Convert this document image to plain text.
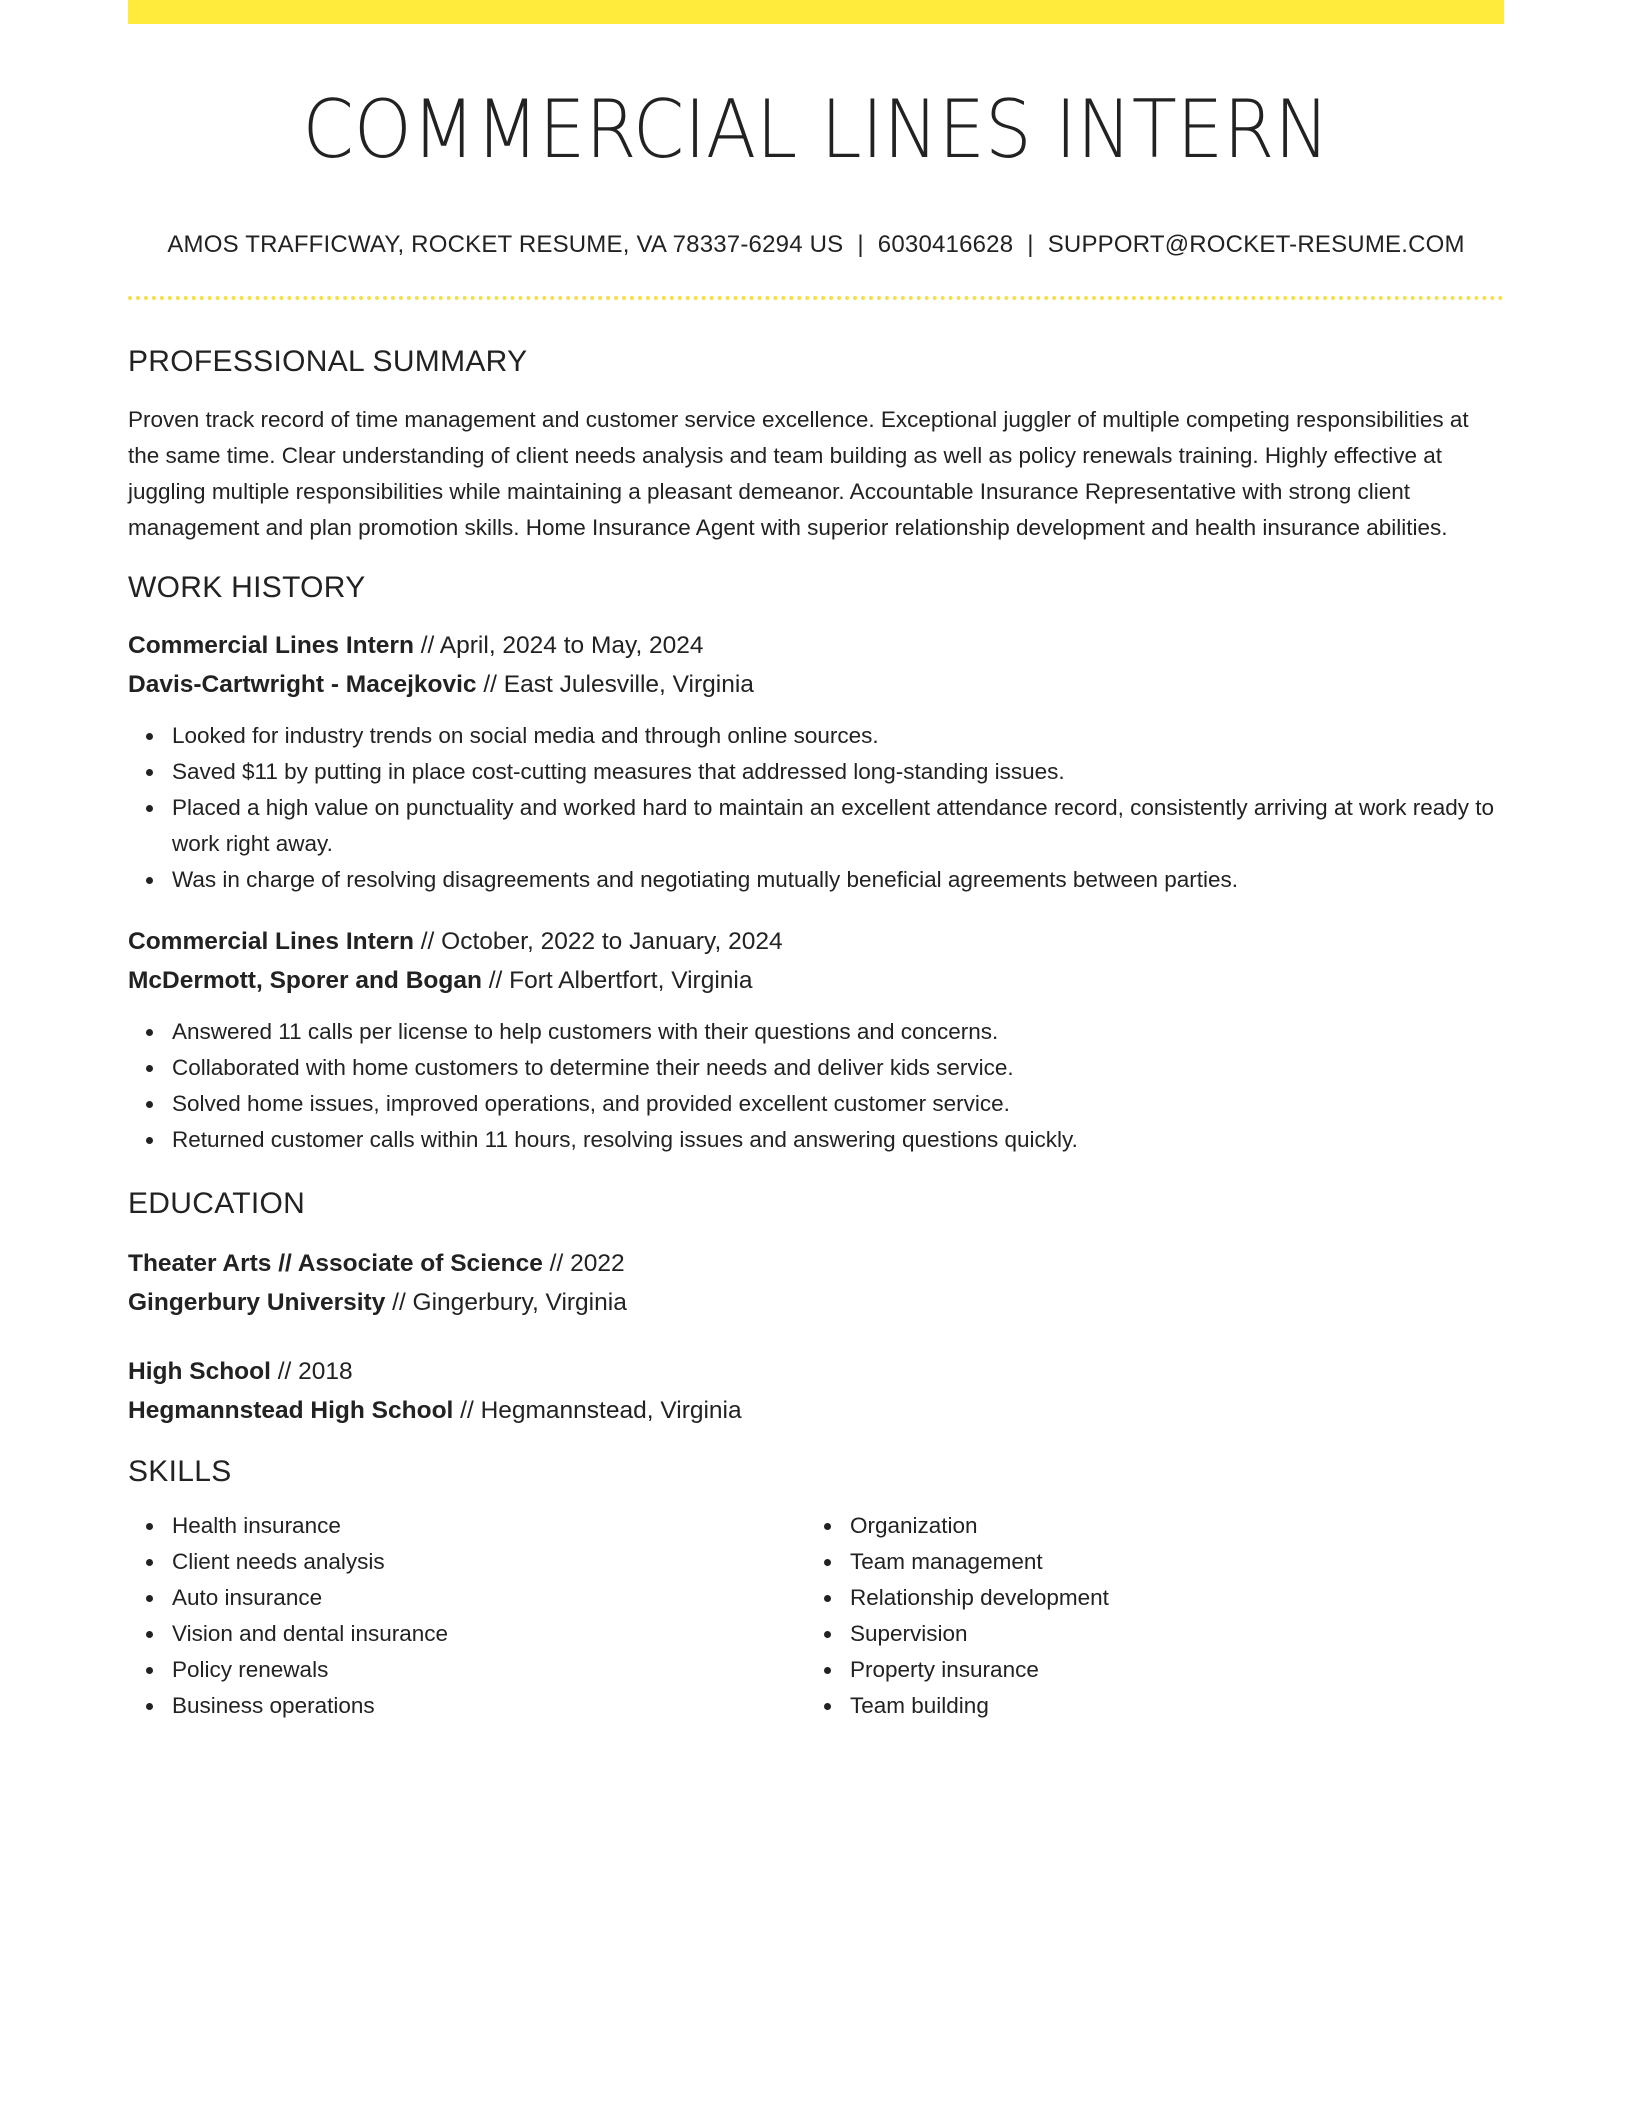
COMMERCIAL LINES INTERN
AMOS TRAFFICWAY, ROCKET RESUME, VA 78337-6294 US | 6030416628 | SUPPORT@ROCKET-RESUME.COM
PROFESSIONAL SUMMARY
Proven track record of time management and customer service excellence. Exceptional juggler of multiple competing responsibilities at the same time. Clear understanding of client needs analysis and team building as well as policy renewals training. Highly effective at juggling multiple responsibilities while maintaining a pleasant demeanor. Accountable Insurance Representative with strong client management and plan promotion skills. Home Insurance Agent with superior relationship development and health insurance abilities.
WORK HISTORY
Commercial Lines Intern // April, 2024 to May, 2024
Davis-Cartwright - Macejkovic // East Julesville, Virginia
Looked for industry trends on social media and through online sources.
Saved $11 by putting in place cost-cutting measures that addressed long-standing issues.
Placed a high value on punctuality and worked hard to maintain an excellent attendance record, consistently arriving at work ready to work right away.
Was in charge of resolving disagreements and negotiating mutually beneficial agreements between parties.
Commercial Lines Intern // October, 2022 to January, 2024
McDermott, Sporer and Bogan // Fort Albertfort, Virginia
Answered 11 calls per license to help customers with their questions and concerns.
Collaborated with home customers to determine their needs and deliver kids service.
Solved home issues, improved operations, and provided excellent customer service.
Returned customer calls within 11 hours, resolving issues and answering questions quickly.
EDUCATION
Theater Arts // Associate of Science // 2022
Gingerbury University // Gingerbury, Virginia
High School // 2018
Hegmannstead High School // Hegmannstead, Virginia
SKILLS
Health insurance
Client needs analysis
Auto insurance
Vision and dental insurance
Policy renewals
Business operations
Organization
Team management
Relationship development
Supervision
Property insurance
Team building
